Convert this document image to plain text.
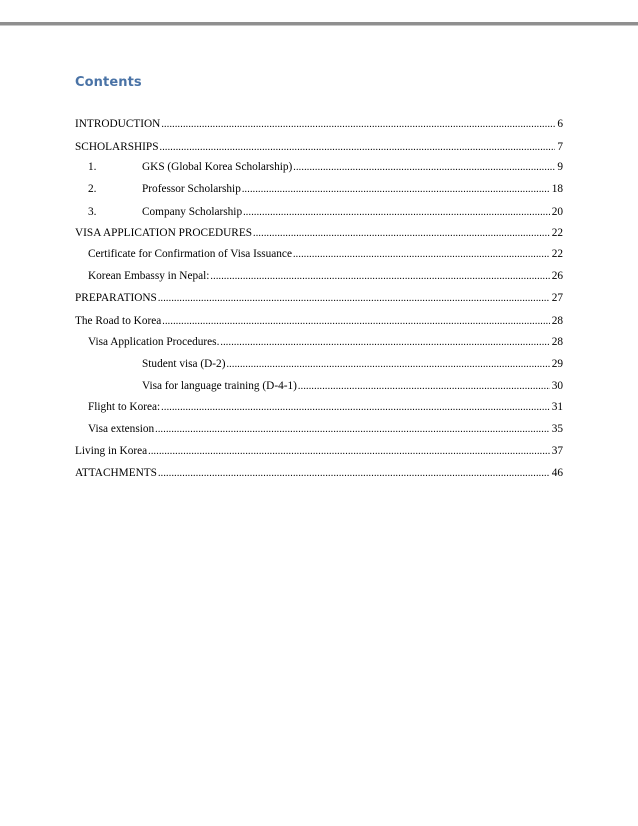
Contents
INTRODUCTION .....	6
SCHOLARSHIPS .....	7
1.	GKS (Global Korea Scholarship) .....	9
2.	Professor Scholarship .....	18
3.	Company Scholarship .....	20
VISA APPLICATION PROCEDURES .....	22
Certificate for Confirmation of Visa Issuance .....	22
Korean Embassy in Nepal: .....	26
PREPARATIONS .....	27
The Road to Korea .....	28
Visa Application Procedures. .....	28
Student visa (D-2) .....	29
Visa for language training (D-4-1) .....	30
Flight to Korea: .....	31
Visa extension .....	35
Living in Korea .....	37
ATTACHMENTS .....	46
